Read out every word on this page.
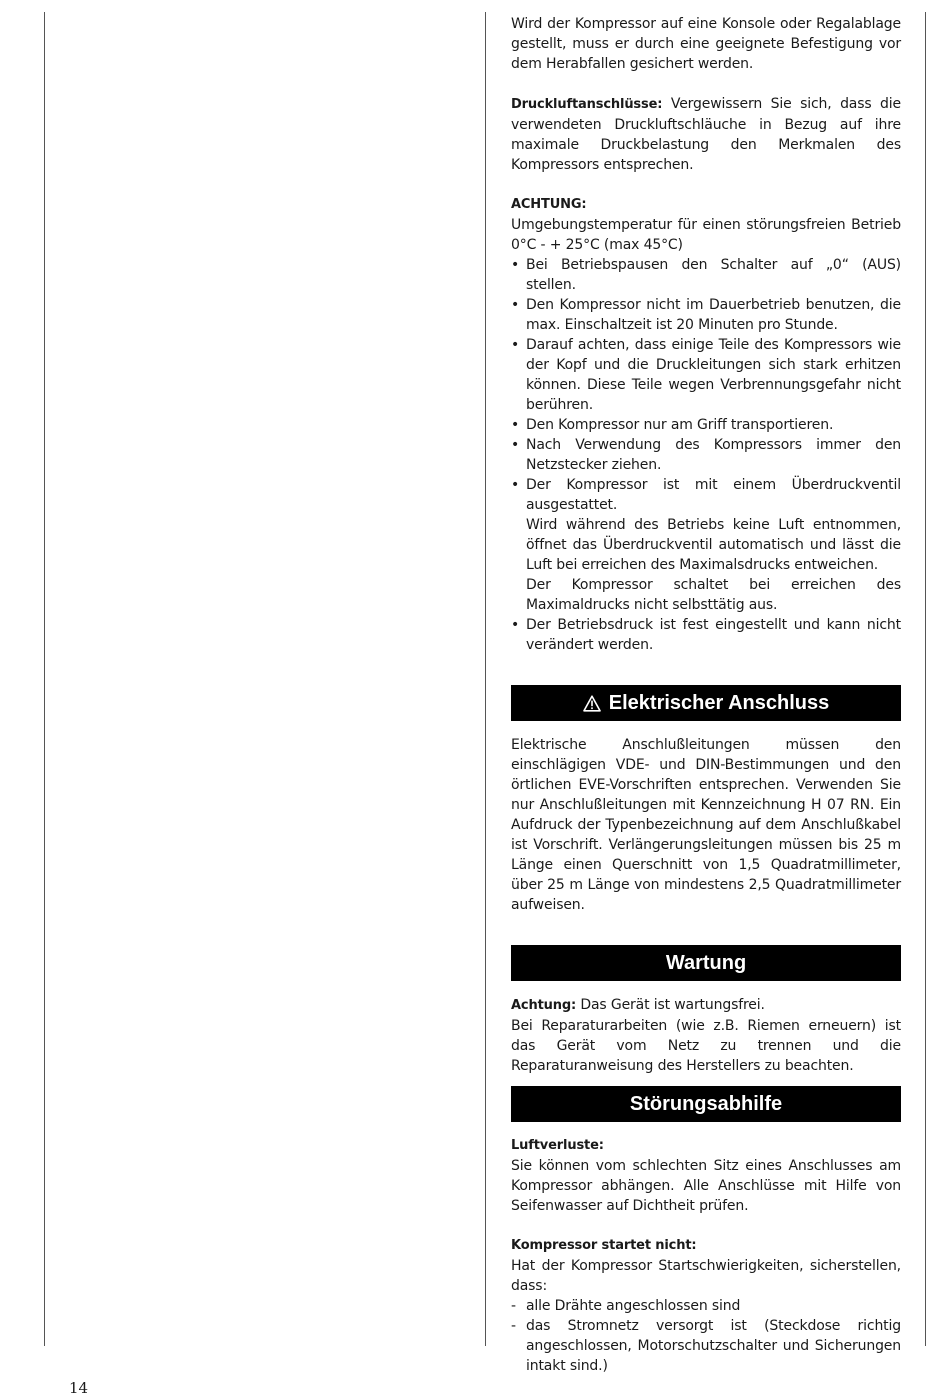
Wird der Kompressor auf eine Konsole oder Regalablage gestellt, muss er durch eine geeignete Befestigung vor dem Herabfallen gesichert werden.

Druckluftanschlüsse: Vergewissern Sie sich, dass die verwendeten Druckluftschläuche in Bezug auf ihre maximale Druckbelastung den Merkmalen des Kompressors entsprechen.

ACHTUNG:

Umgebungstemperatur für einen störungsfreien Betrieb 0°C - + 25°C (max 45°C)

• Bei Betriebspausen den Schalter auf „0“ (AUS) stellen.
• Den Kompressor nicht im Dauerbetrieb benutzen, die max. Einschaltzeit ist 20 Minuten pro Stunde.
• Darauf achten, dass einige Teile des Kompressors wie der Kopf und die Druckleitungen sich stark erhitzen können. Diese Teile wegen Verbrennungsgefahr nicht berühren.
• Den Kompressor nur am Griff transportieren.
• Nach Verwendung des Kompressors immer den Netzstecker ziehen.
• Der Kompressor ist mit einem Überdruckventil ausgestattet.

Wird während des Betriebs keine Luft entnommen, öffnet das Überdruckventil automatisch und lässt die Luft bei erreichen des Maximalsdrucks entweichen.

Der Kompressor schaltet bei erreichen des Maximaldrucks nicht selbsttätig aus.

• Der Betriebsdruck ist fest eingestellt und kann nicht verändert werden.
Elektrischer Anschluss

Elektrische Anschlußleitungen müssen den einschlägigen VDE- und DIN-Bestimmungen und den örtlichen EVE-Vorschriften entsprechen. Verwenden Sie nur Anschlußleitungen mit Kennzeichnung H 07 RN. Ein Aufdruck der Typenbezeichnung auf dem Anschlußkabel ist Vorschrift. Verlängerungsleitungen müssen bis 25 m Länge einen Querschnitt von 1,5 Quadratmillimeter, über 25 m Länge von mindestens 2,5 Quadratmillimeter aufweisen.

Wartung

Achtung: Das Gerät ist wartungsfrei.

Bei Reparaturarbeiten (wie z.B. Riemen erneuern) ist das Gerät vom Netz zu trennen und die Reparaturanweisung des Herstellers zu beachten.

Störungsabhilfe

Luftverluste:

Sie können vom schlechten Sitz eines Anschlusses am Kompressor abhängen. Alle Anschlüsse mit Hilfe von Seifenwasser auf Dichtheit prüfen.

Kompressor startet nicht:

Hat der Kompressor Startschwierigkeiten, sicherstellen, dass:

- alle Drähte angeschlossen sind
- das Stromnetz versorgt ist (Steckdose richtig angeschlossen, Motorschutzschalter und Sicherungen intakt sind.)
14
